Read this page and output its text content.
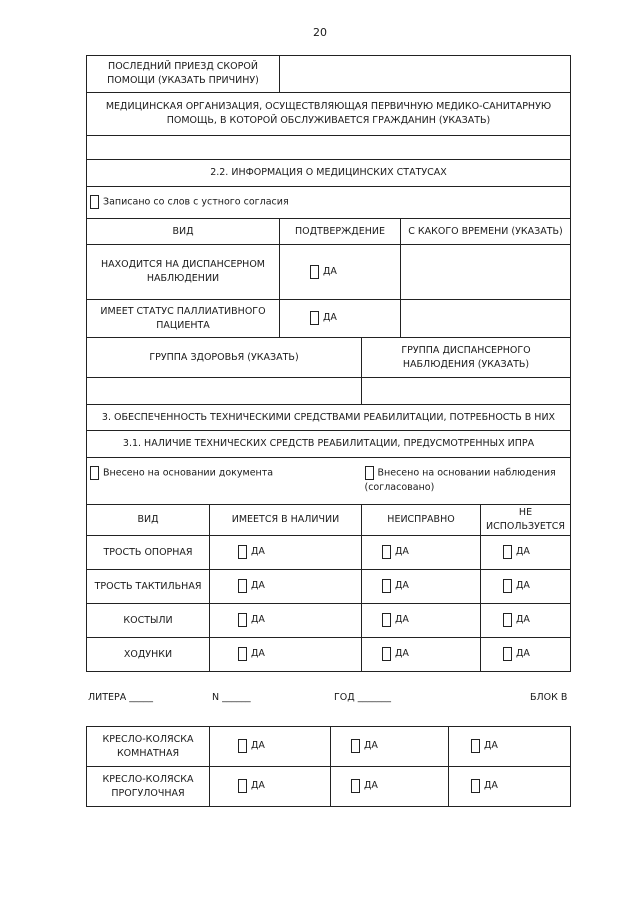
20
ПОСЛЕДНИЙ ПРИЕЗД СКОРОЙ ПОМОЩИ (УКАЗАТЬ ПРИЧИНУ)					
МЕДИЦИНСКАЯ ОРГАНИЗАЦИЯ, ОСУЩЕСТВЛЯЮЩАЯ ПЕРВИЧНУЮ МЕДИКО-САНИТАРНУЮ ПОМОЩЬ, В КОТОРОЙ ОБСЛУЖИВАЕТСЯ ГРАЖДАНИН (УКАЗАТЬ)					

2.2. ИНФОРМАЦИЯ О МЕДИЦИНСКИХ СТАТУСАХ					
Записано со слов с устного согласия					
ВИД		ПОДТВЕРЖДЕНИЕ		С КАКОГО ВРЕМЕНИ (УКАЗАТЬ)	
НАХОДИТСЯ НА ДИСПАНСЕРНОМ НАБЛЮДЕНИИ		ДА			
ИМЕЕТ СТАТУС ПАЛЛИАТИВНОГО ПАЦИЕНТА		ДА			
ГРУППА ЗДОРОВЬЯ (УКАЗАТЬ)			ГРУППА ДИСПАНСЕРНОГО НАБЛЮДЕНИЯ (УКАЗАТЬ)		

3. ОБЕСПЕЧЕННОСТЬ ТЕХНИЧЕСКИМИ СРЕДСТВАМИ РЕАБИЛИТАЦИИ, ПОТРЕБНОСТЬ В НИХ					
3.1. НАЛИЧИЕ ТЕХНИЧЕСКИХ СРЕДСТВ РЕАБИЛИТАЦИИ, ПРЕДУСМОТРЕННЫХ ИПРА					
Внесено на основании документа			Внесено на основании наблюдения (согласовано)		
ВИД	ИМЕЕТСЯ В НАЛИЧИИ		НЕИСПРАВНО		НЕ ИСПОЛЬЗУЕТСЯ
ТРОСТЬ ОПОРНАЯ	ДА		ДА		ДА
ТРОСТЬ ТАКТИЛЬНАЯ	ДА		ДА		ДА
КОСТЫЛИ	ДА		ДА		ДА
ХОДУНКИ	ДА		ДА		ДА
ЛИТЕРА _____	N ______	ГОД _______	БЛОК В
КРЕСЛО-КОЛЯСКА КОМНАТНАЯ	ДА	ДА	ДА
КРЕСЛО-КОЛЯСКА ПРОГУЛОЧНАЯ	ДА	ДА	ДА
